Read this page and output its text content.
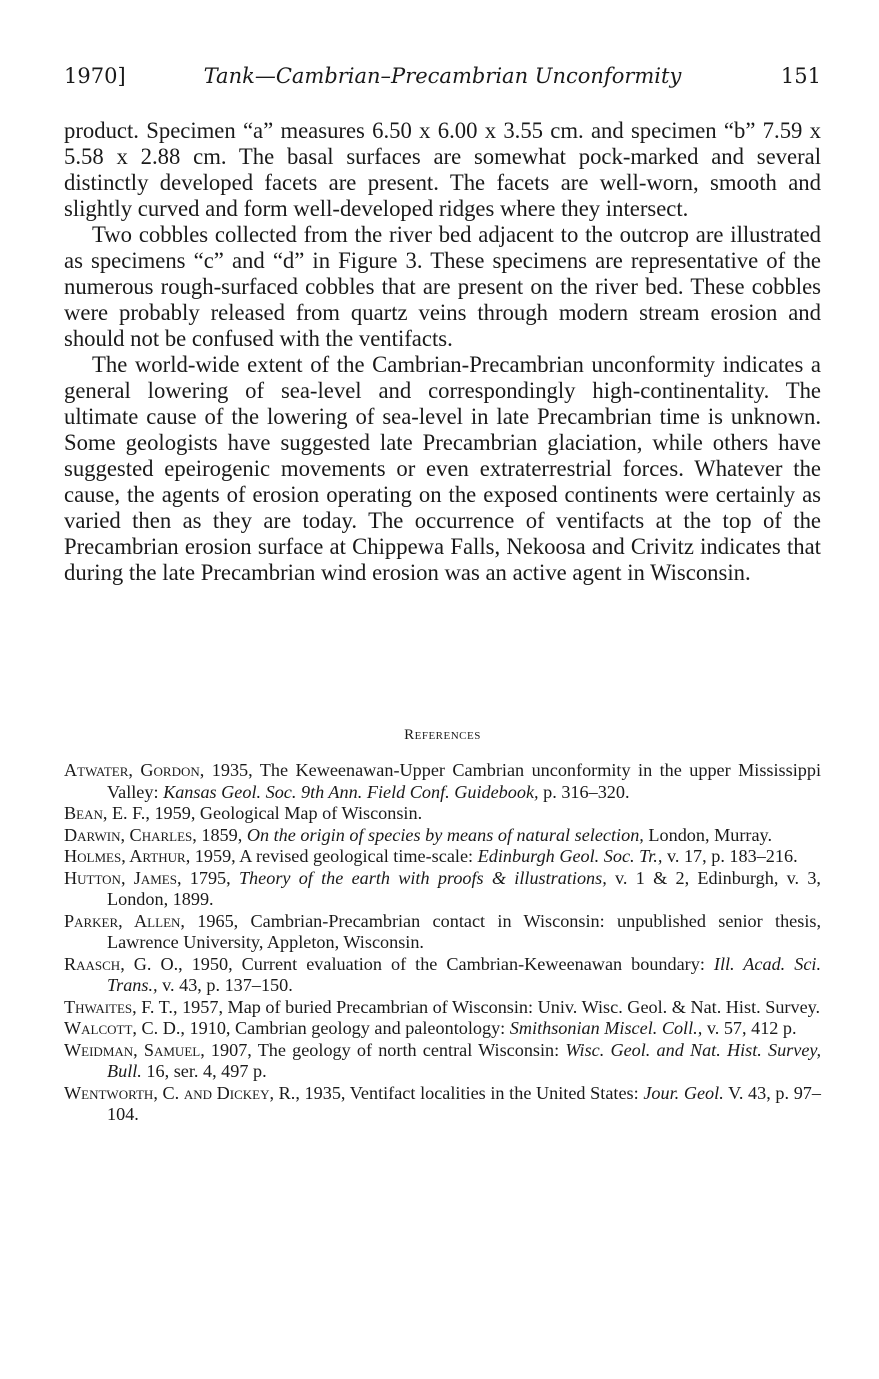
1970]	Tank—Cambrian–Precambrian Unconformity	151

product. Specimen “a” measures 6.50 x 6.00 x 3.55 cm. and specimen “b” 7.59 x 5.58 x 2.88 cm. The basal surfaces are somewhat pock-marked and several distinctly developed facets are present. The facets are well-worn, smooth and slightly curved and form well-developed ridges where they intersect.

Two cobbles collected from the river bed adjacent to the outcrop are illustrated as specimens “c” and “d” in Figure 3. These specimens are representative of the numerous rough-surfaced cobbles that are present on the river bed. These cobbles were probably released from quartz veins through modern stream erosion and should not be confused with the ventifacts.

The world-wide extent of the Cambrian-Precambrian unconformity indicates a general lowering of sea-level and correspondingly high-continentality. The ultimate cause of the lowering of sea-level in late Precambrian time is unknown. Some geologists have suggested late Precambrian glaciation, while others have suggested epeirogenic movements or even extraterrestrial forces. Whatever the cause, the agents of erosion operating on the exposed continents were certainly as varied then as they are today. The occurrence of ventifacts at the top of the Precambrian erosion surface at Chippewa Falls, Nekoosa and Crivitz indicates that during the late Precambrian wind erosion was an active agent in Wisconsin.

References

Atwater, Gordon, 1935, The Keweenawan-Upper Cambrian unconformity in the upper Mississippi Valley: Kansas Geol. Soc. 9th Ann. Field Conf. Guidebook, p. 316–320.

Bean, E. F., 1959, Geological Map of Wisconsin.

Darwin, Charles, 1859, On the origin of species by means of natural selection, London, Murray.

Holmes, Arthur, 1959, A revised geological time-scale: Edinburgh Geol. Soc. Tr., v. 17, p. 183–216.

Hutton, James, 1795, Theory of the earth with proofs & illustrations, v. 1 & 2, Edinburgh, v. 3, London, 1899.

Parker, Allen, 1965, Cambrian-Precambrian contact in Wisconsin: unpublished senior thesis, Lawrence University, Appleton, Wisconsin.

Raasch, G. O., 1950, Current evaluation of the Cambrian-Keweenawan boundary: Ill. Acad. Sci. Trans., v. 43, p. 137–150.

Thwaites, F. T., 1957, Map of buried Precambrian of Wisconsin: Univ. Wisc. Geol. & Nat. Hist. Survey.

Walcott, C. D., 1910, Cambrian geology and paleontology: Smithsonian Miscel. Coll., v. 57, 412 p.

Weidman, Samuel, 1907, The geology of north central Wisconsin: Wisc. Geol. and Nat. Hist. Survey, Bull. 16, ser. 4, 497 p.

Wentworth, C. and Dickey, R., 1935, Ventifact localities in the United States: Jour. Geol. V. 43, p. 97–104.
